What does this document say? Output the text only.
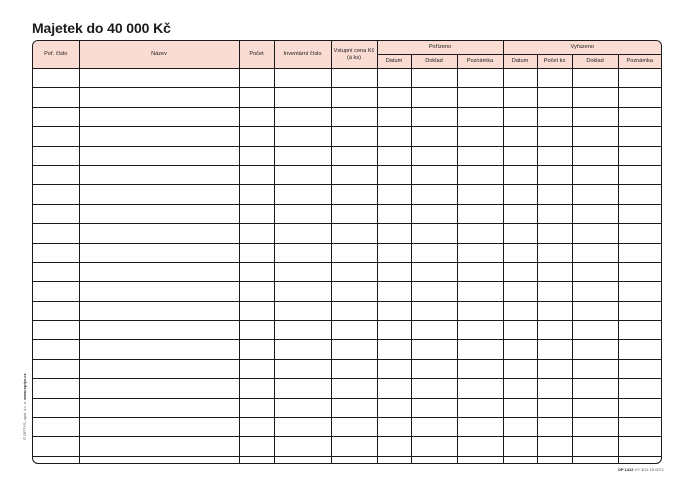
Majetek do 40 000 Kč
Poř. číslo	Název	Počet	Inventární číslo	Vstupní cena Kč (á ks)	Pořízeno			Vyřazeno			
					Datum	Doklad	Poznámka	Datum	Počet ks	Doklad	Poznámka

© OPTYS, spol. s r. o. www.optys.cz
OP 1412 VY 3/11 15.0071
